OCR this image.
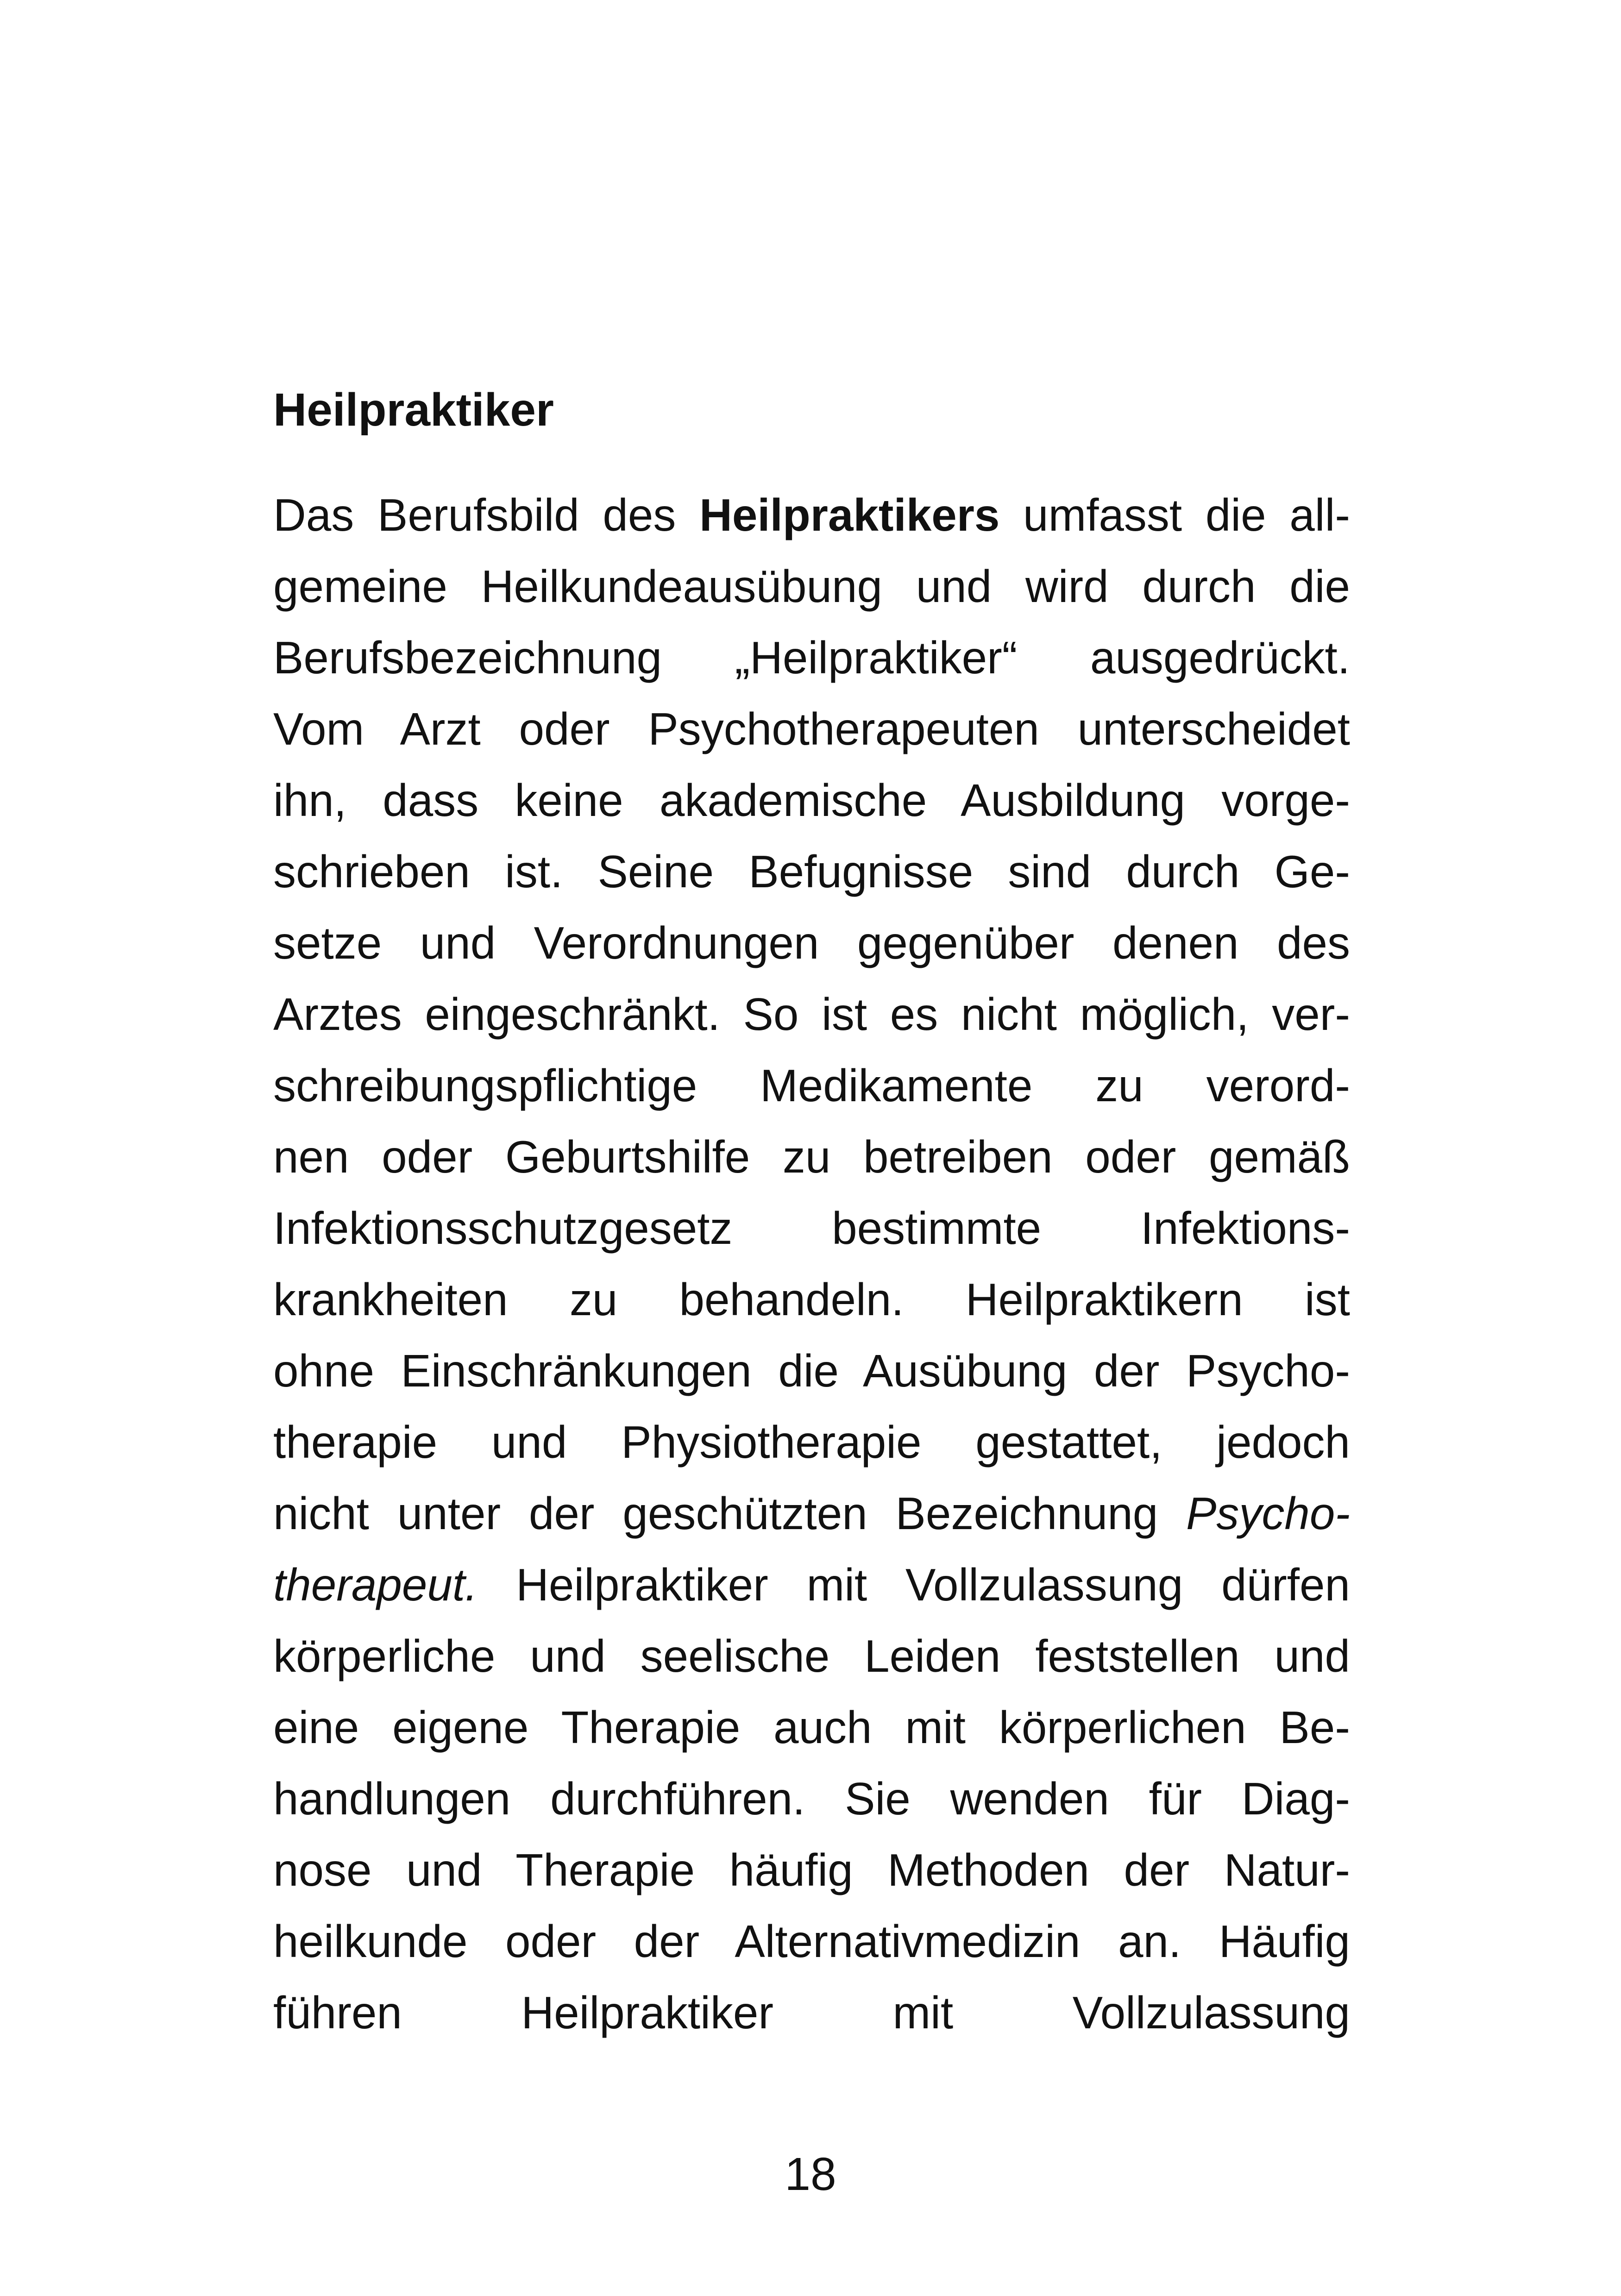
Heilpraktiker
Das Berufsbild des Heilpraktikers umfasst die all-
gemeine Heilkundeausübung und wird durch die
Berufsbezeichnung „Heilpraktiker“ ausgedrückt.
Vom Arzt oder Psychotherapeuten unterscheidet
ihn, dass keine akademische Ausbildung vorge-
schrieben ist. Seine Befugnisse sind durch Ge-
setze und Verordnungen gegenüber denen des
Arztes eingeschränkt. So ist es nicht möglich, ver-
schreibungspflichtige Medikamente zu verord-
nen oder Geburtshilfe zu betreiben oder gemäß
Infektionsschutzgesetz bestimmte Infektions-
krankheiten zu behandeln. Heilpraktikern ist
ohne Einschränkungen die Ausübung der Psycho-
therapie und Physiotherapie gestattet, jedoch
nicht unter der geschützten Bezeichnung Psycho-
therapeut. Heilpraktiker mit Vollzulassung dürfen
körperliche und seelische Leiden feststellen und
eine eigene Therapie auch mit körperlichen Be-
handlungen durchführen. Sie wenden für Diag-
nose und Therapie häufig Methoden der Natur-
heilkunde oder der Alternativmedizin an. Häufig
führen Heilpraktiker mit Vollzulassung
18
